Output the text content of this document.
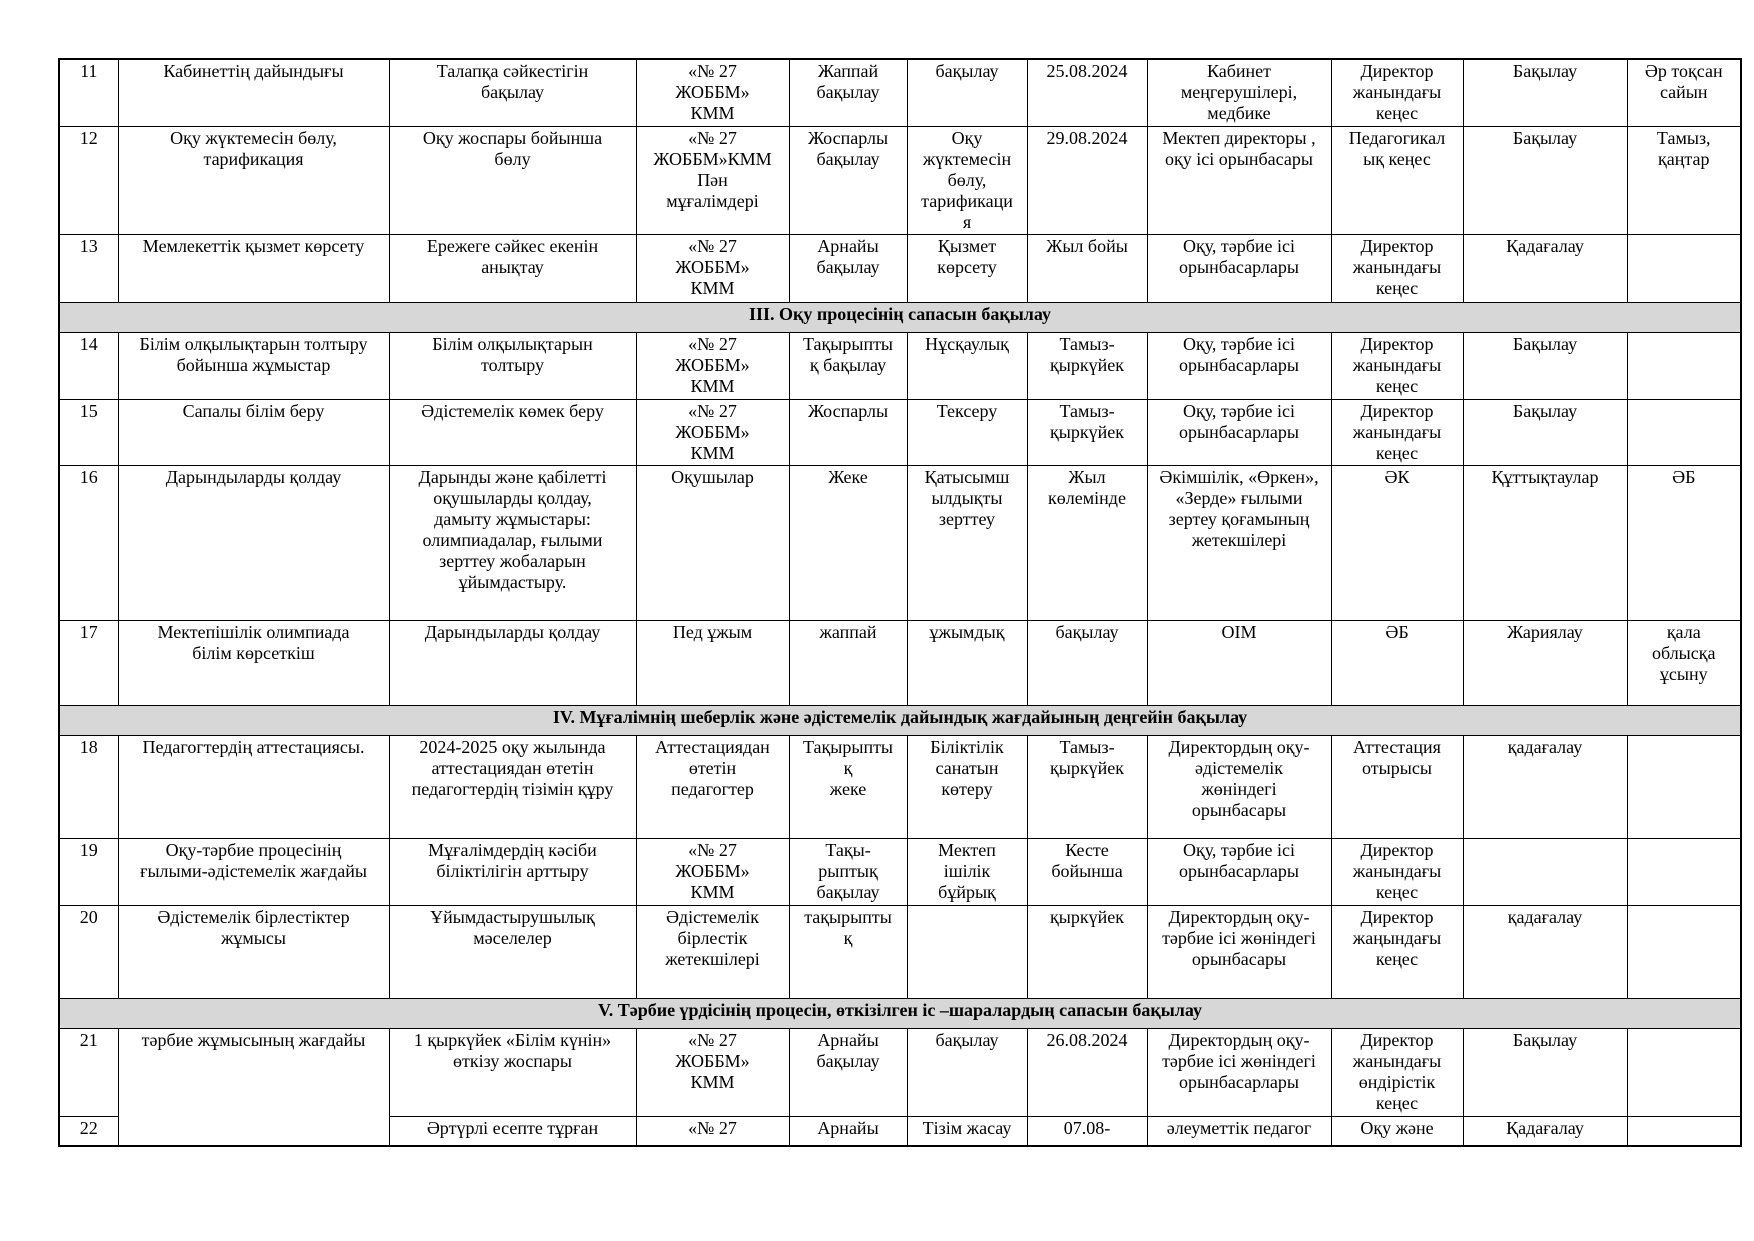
11	Кабинеттің дайындығы	Талапқа сәйкестігін
бақылау	«№ 27
ЖОББМ»
КММ	Жаппай
бақылау	бақылау	25.08.2024	Кабинет
меңгерушілері,
медбике	Директор
жанындағы
кеңес	Бақылау	Әр тоқсан
сайын
12	Оқу жүктемесін бөлу,
тарификация	Оқу жоспары бойынша
бөлу	«№ 27
ЖОББМ»КММ
Пән
мұғалімдері	Жоспарлы
бақылау	Оқу
жүктемесін
бөлу,
тарификаци
я	29.08.2024	Мектеп директоры ,
оқу ісі орынбасары	Педагогикал
ық кеңес	Бақылау	Тамыз,
қаңтар
13	Мемлекеттік қызмет көрсету	Ережеге сәйкес екенін
анықтау	«№ 27
ЖОББМ»
КММ	Арнайы
бақылау	Қызмет
көрсету	Жыл бойы	Оқу, тәрбие ісі
орынбасарлары	Директор
жанындағы
кеңес	Қадағалау	
III. Оқу процесінің сапасын бақылау										
14	Білім олқылықтарын толтыру
бойынша жұмыстар	Білім олқылықтарын
толтыру	«№ 27
ЖОББМ»
КММ	Тақырыпты
қ бақылау	Нұсқаулық	Тамыз-
қыркүйек	Оқу, тәрбие ісі
орынбасарлары	Директор
жанындағы
кеңес	Бақылау	
15	Сапалы білім беру	Әдістемелік көмек беру	«№ 27
ЖОББМ»
КММ	Жоспарлы	Тексеру	Тамыз-
қыркүйек	Оқу, тәрбие ісі
орынбасарлары	Директор
жанындағы
кеңес	Бақылау	
16	Дарындыларды қолдау	Дарынды және қабілетті
оқушыларды қолдау,
дамыту жұмыстары:
олимпиадалар, ғылыми
зерттеу жобаларын
ұйымдастыру.	Оқушылар	Жеке	Қатысымш
ылдықты
зерттеу	Жыл
көлемінде	Әкімшілік, «Өркен»,
«Зерде» ғылыми
зертеу қоғамының
жетекшілері	ӘК	Құттықтаулар	ӘБ
17	Мектепішілік олимпиада
білім көрсеткіш	Дарындыларды қолдау	Пед ұжым	жаппай	ұжымдық	бақылау	ОІМ	ӘБ	Жариялау	қала
облысқа
ұсыну
IV. Мұғалімнің шеберлік және әдістемелік дайындық жағдайының деңгейін бақылау										
18	Педагогтердің аттестациясы.	2024-2025 оқу жылында
аттестациядан өтетін
педагогтердің тізімін құру	Аттестациядан
өтетін
педагогтер	Тақырыпты
қ
жеке	Біліктілік
санатын
көтеру	Тамыз-
қыркүйек	Директордың оқу-
әдістемелік
жөніндегі
орынбасары	Аттестация
отырысы	қадағалау	
19	Оқу-тәрбие процесінің
ғылыми-әдістемелік жағдайы	Мұғалімдердің кәсіби
біліктілігін арттыру	«№ 27
ЖОББМ»
КММ	Тақы-
рыптық
бақылау	Мектеп
ішілік
бұйрық	Кесте
бойынша	Оқу, тәрбие ісі
орынбасарлары	Директор
жанындағы
кеңес		
20	Әдістемелік бірлестіктер
жұмысы	Ұйымдастырушылық
мәселелер	Әдістемелік
бірлестік
жетекшілері	тақырыпты
қ		қыркүйек	Директордың оқу-
тәрбие ісі жөніндегі
орынбасары	Директор
жаңындағы
кеңес	қадағалау	
V. Тәрбие үрдісінің процесін, өткізілген іс –шаралардың сапасын бақылау										
21	тәрбие жұмысының жағдайы	1 қыркүйек «Білім күнін»
өткізу жоспары	«№ 27
ЖОББМ»
КММ	Арнайы
бақылау	бақылау	26.08.2024	Директордың оқу-
тәрбие ісі жөніндегі
орынбасарлары	Директор
жанындағы
өндірістік
кеңес	Бақылау	
22		Әртүрлі есепте тұрған	«№ 27	Арнайы	Тізім жасау	07.08-	әлеуметтік педагог	Оқу және	Қадағалау	
